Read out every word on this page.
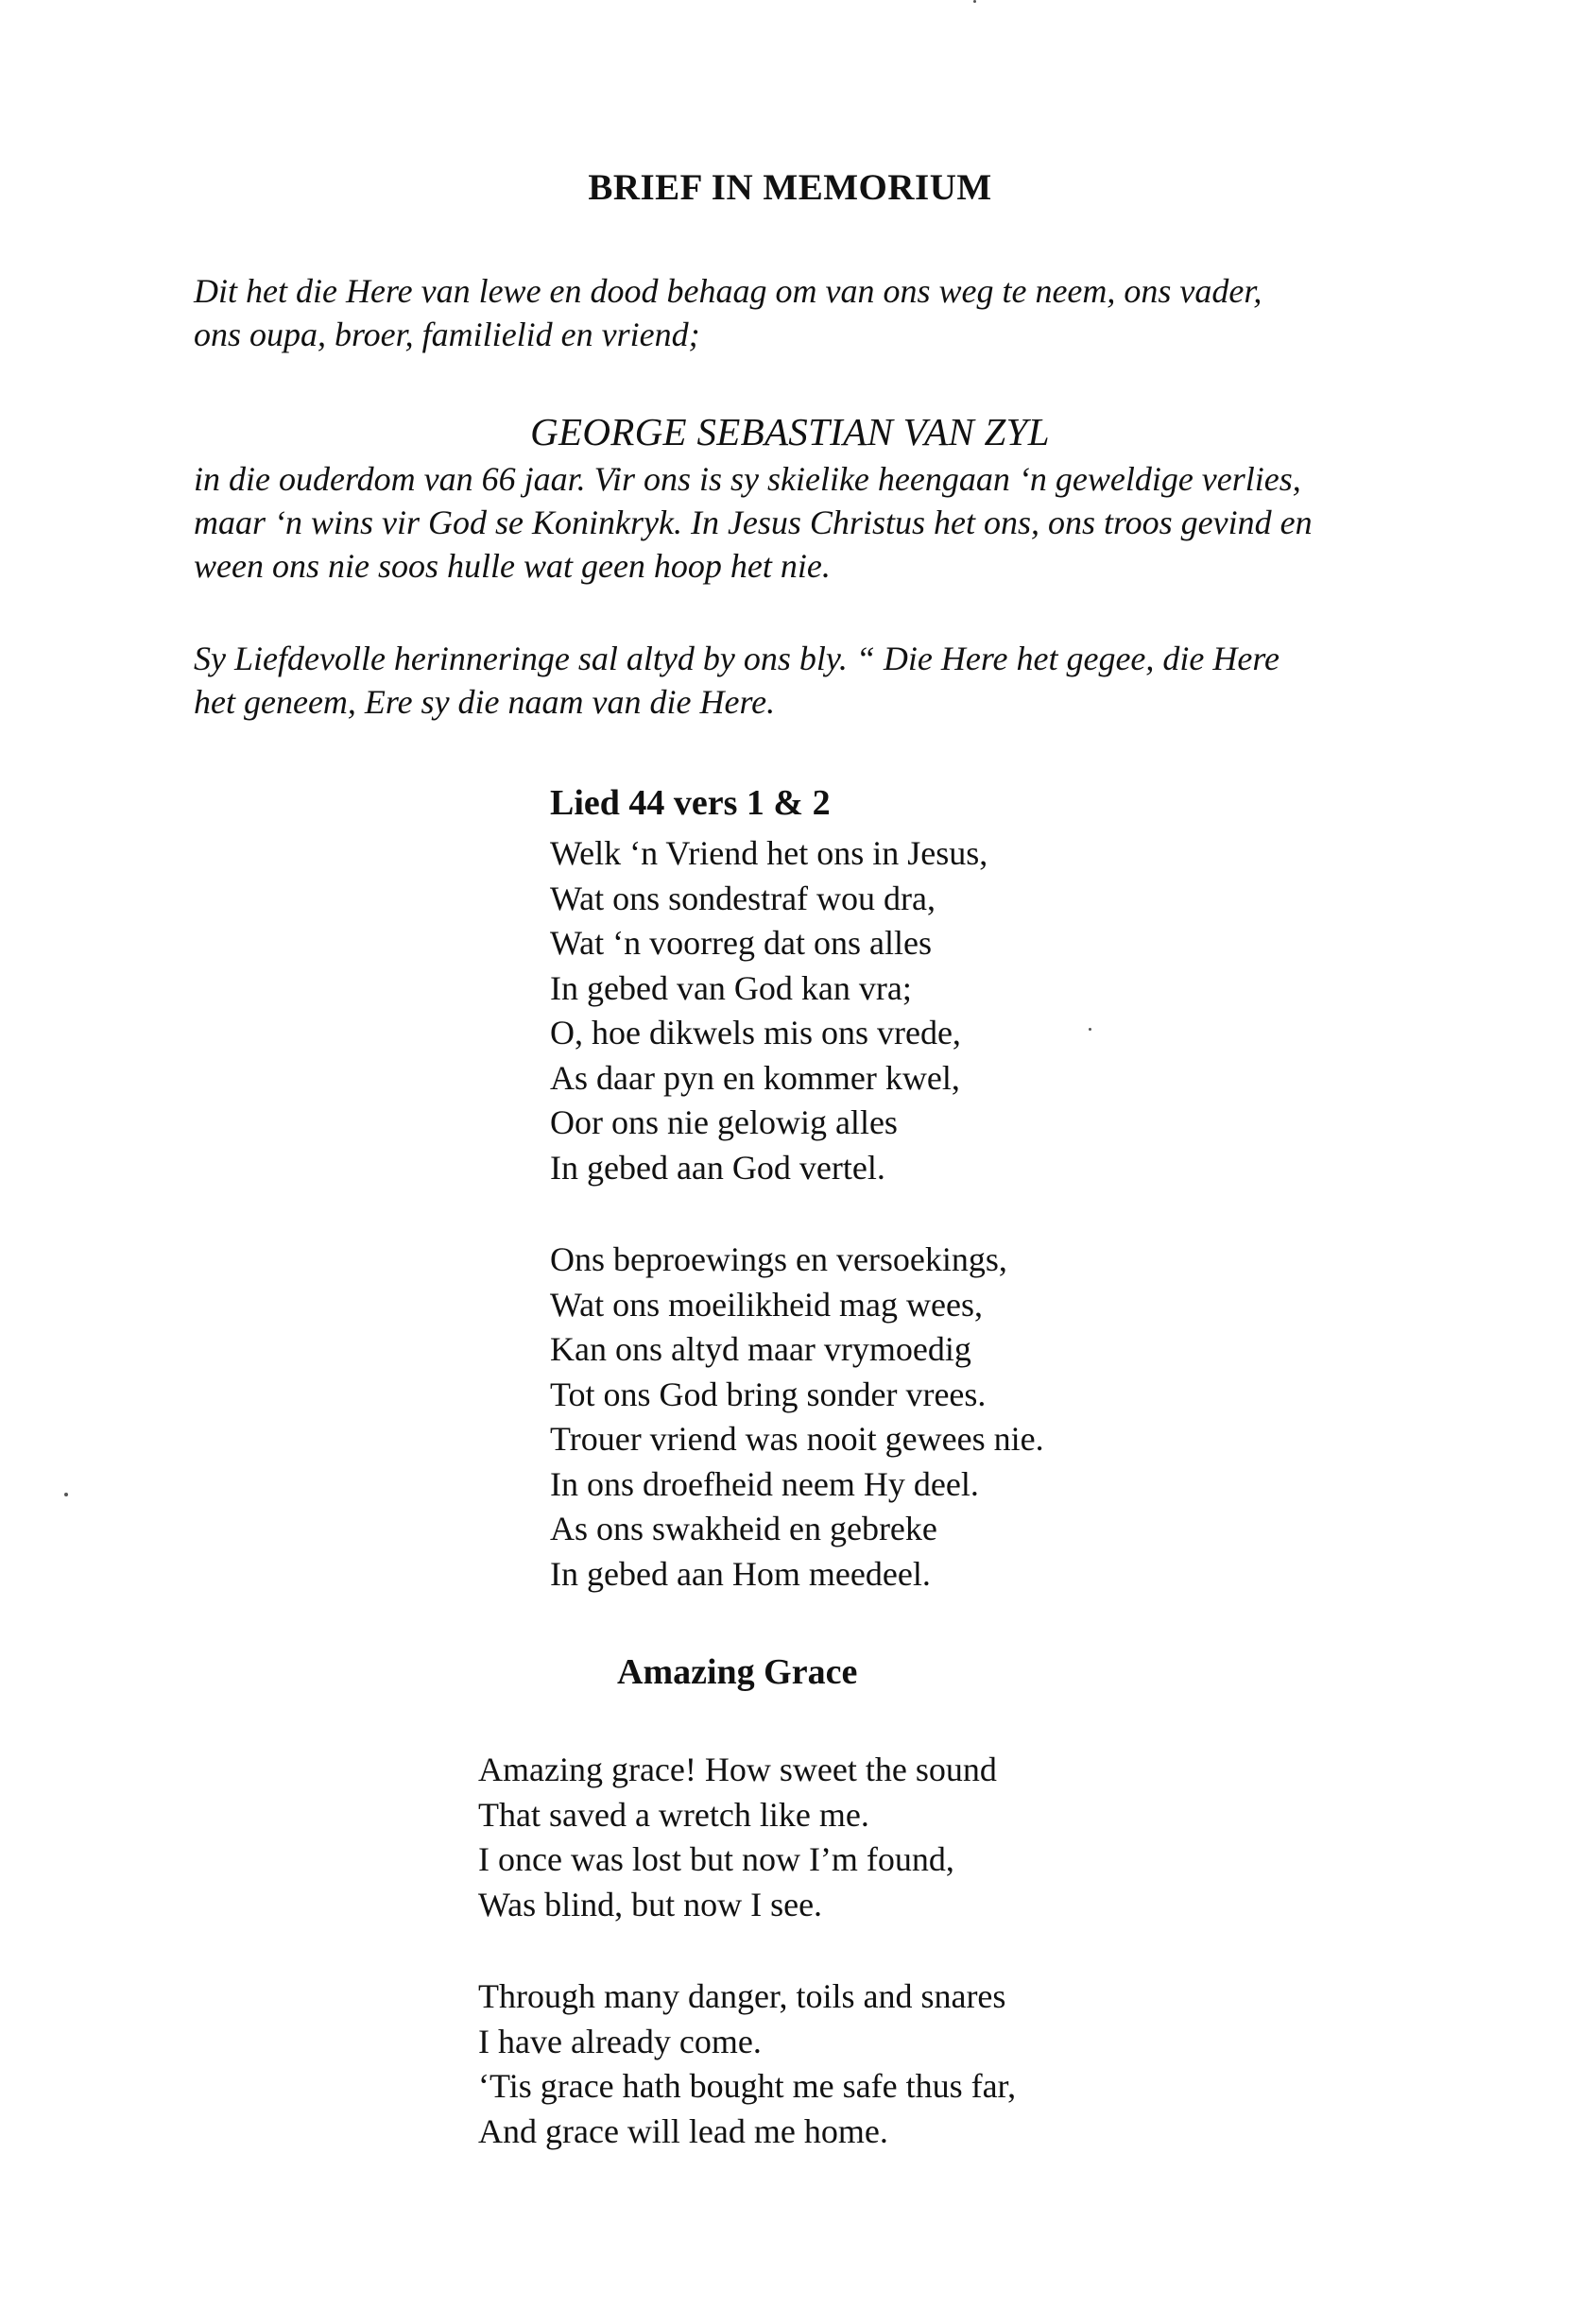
BRIEF IN MEMORIUM
Dit het die Here van lewe en dood behaag om van ons weg te neem, ons vader,
ons oupa, broer, familielid en vriend;
GEORGE SEBASTIAN VAN ZYL
in die ouderdom van 66 jaar. Vir ons is sy skielike heengaan ‘n geweldige verlies,
maar ‘n wins vir God se Koninkryk. In Jesus Christus het ons, ons troos gevind en
ween ons nie soos hulle wat geen hoop het nie.
Sy Liefdevolle herinneringe sal altyd by ons bly. “ Die Here het gegee, die Here
het geneem, Ere sy die naam van die Here.
Lied 44 vers 1 & 2
Welk ‘n Vriend het ons in Jesus,
Wat ons sondestraf wou dra,
Wat ‘n voorreg dat ons alles
In gebed van God kan vra;
O, hoe dikwels mis ons vrede,
As daar pyn en kommer kwel,
Oor ons nie gelowig alles
In gebed aan God vertel.
Ons beproewings en versoekings,
Wat ons moeilikheid mag wees,
Kan ons altyd maar vrymoedig
Tot ons God bring sonder vrees.
Trouer vriend was nooit gewees nie.
In ons droefheid neem Hy deel.
As ons swakheid en gebreke
In gebed aan Hom meedeel.
Amazing Grace
Amazing grace! How sweet the sound
That saved a wretch like me.
I once was lost but now I’m found,
Was blind, but now I see.
Through many danger, toils and snares
I have already come.
‘Tis grace hath bought me safe thus far,
And grace will lead me home.
